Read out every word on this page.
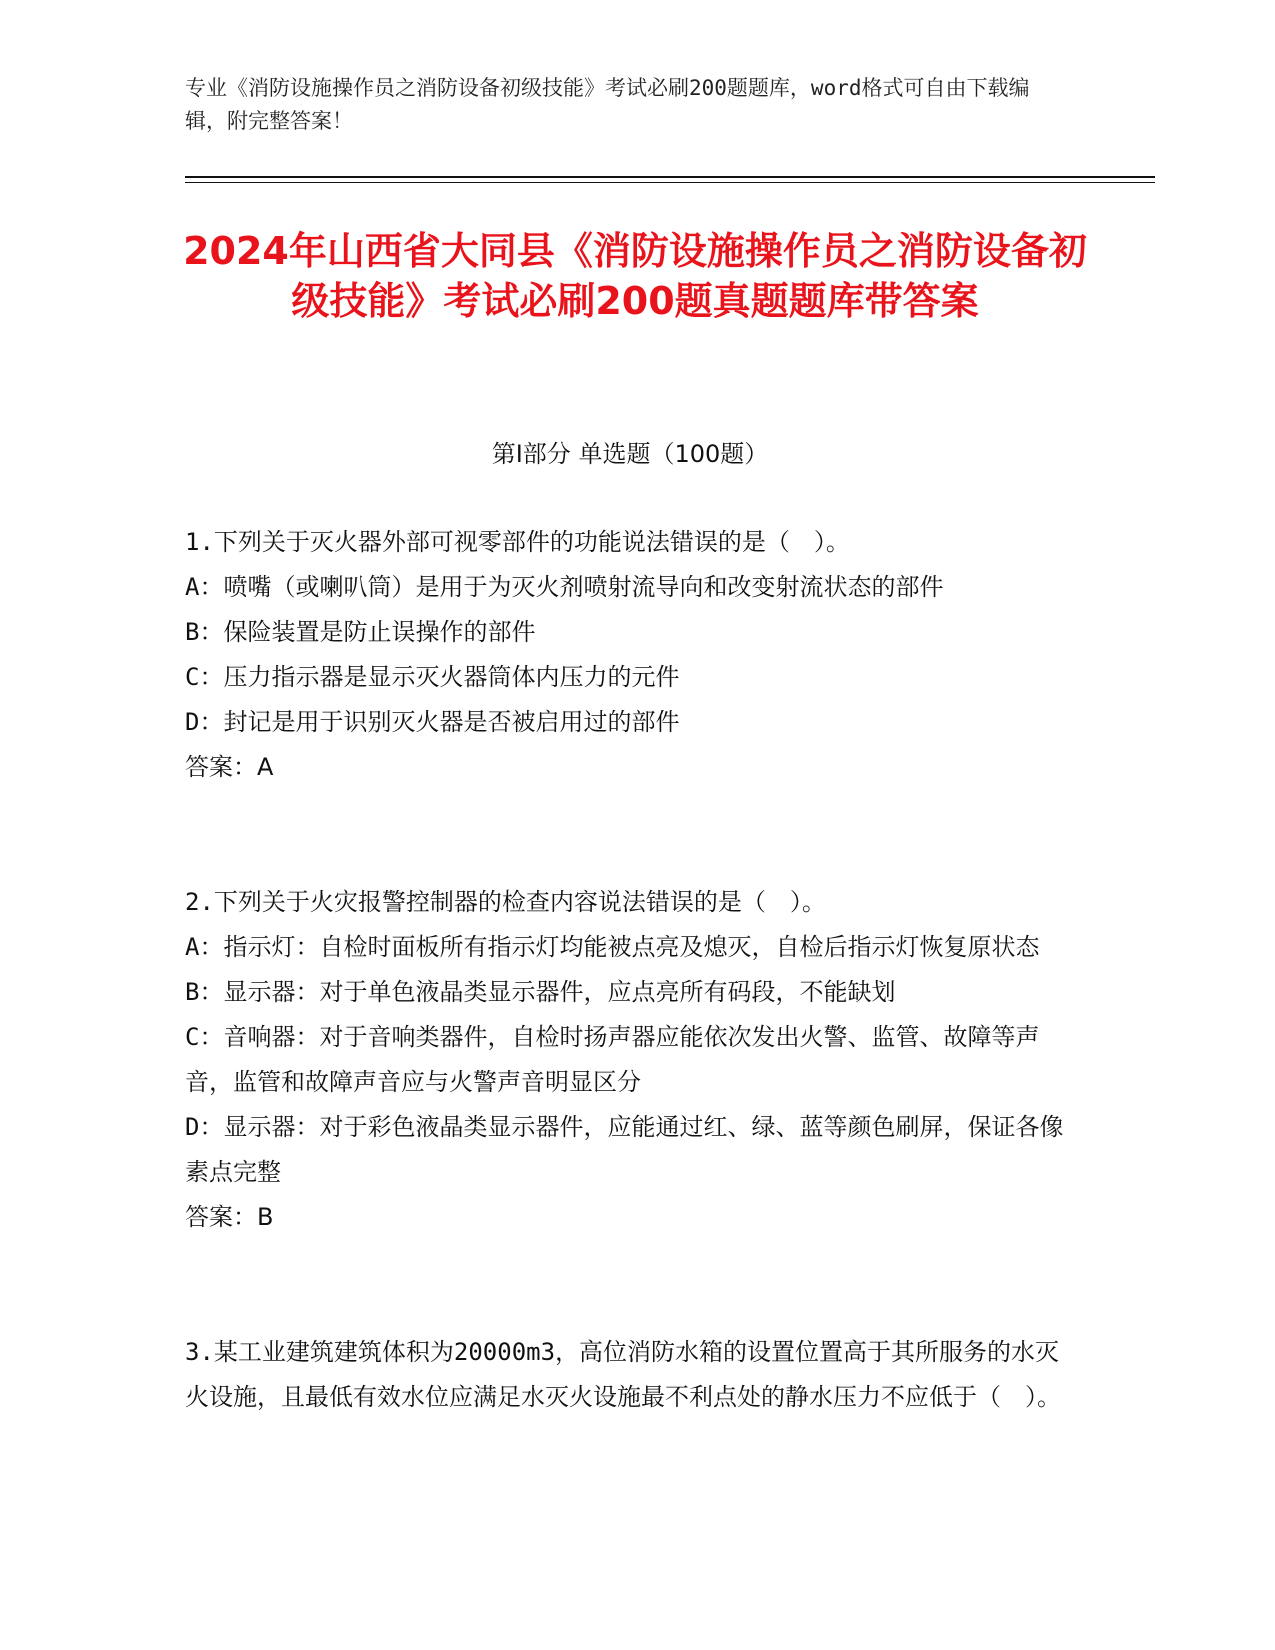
专业《消防设施操作员之消防设备初级技能》考试必刷200题题库，word格式可自由下载编辑，附完整答案！
2024年山西省大同县《消防设施操作员之消防设备初级技能》考试必刷200题真题题库带答案
第I部分 单选题（100题）

1.下列关于灭火器外部可视零部件的功能说法错误的是（　）。

A：喷嘴（或喇叭筒）是用于为灭火剂喷射流导向和改变射流状态的部件

B：保险装置是防止误操作的部件

C：压力指示器是显示灭火器筒体内压力的元件

D：封记是用于识别灭火器是否被启用过的部件

答案：A

2.下列关于火灾报警控制器的检查内容说法错误的是（　）。

A：指示灯：自检时面板所有指示灯均能被点亮及熄灭，自检后指示灯恢复原状态

B：显示器：对于单色液晶类显示器件，应点亮所有码段，不能缺划

C：音响器：对于音响类器件，自检时扬声器应能依次发出火警、监管、故障等声音，监管和故障声音应与火警声音明显区分

D：显示器：对于彩色液晶类显示器件，应能通过红、绿、蓝等颜色刷屏，保证各像素点完整

答案：B

3.某工业建筑建筑体积为20000m3，高位消防水箱的设置位置高于其所服务的水灭火设施，且最低有效水位应满足水灭火设施最不利点处的静水压力不应低于（　）。
